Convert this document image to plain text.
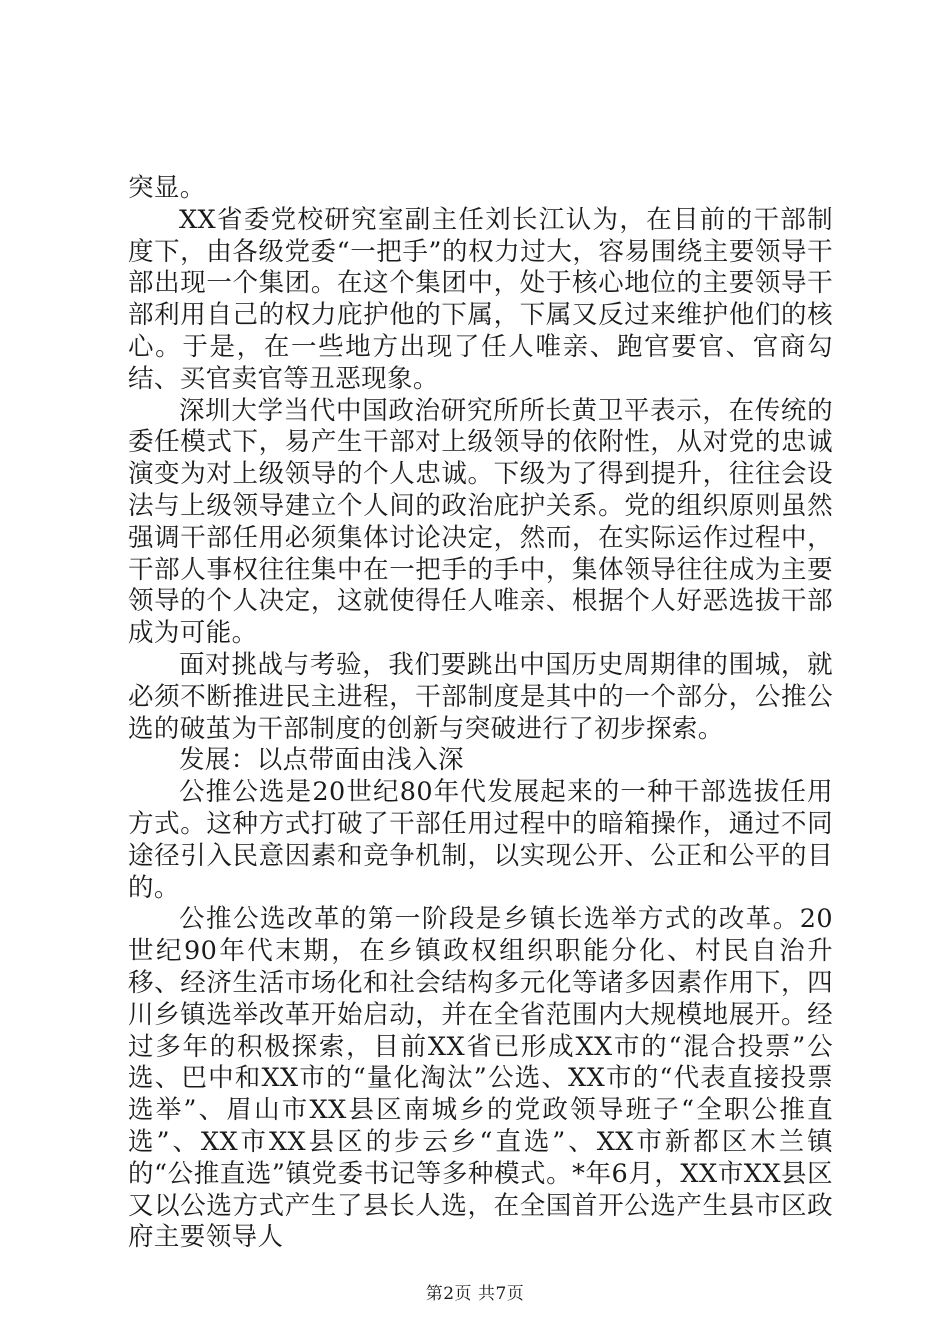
突显。

XX省委党校研究室副主任刘长江认为，在目前的干部制度下，由各级党委“一把手”的权力过大，容易围绕主要领导干部出现一个集团。在这个集团中，处于核心地位的主要领导干部利用自己的权力庇护他的下属，下属又反过来维护他们的核心。于是，在一些地方出现了任人唯亲、跑官要官、官商勾结、买官卖官等丑恶现象。

深圳大学当代中国政治研究所所长黄卫平表示，在传统的委任模式下，易产生干部对上级领导的依附性，从对党的忠诚演变为对上级领导的个人忠诚。下级为了得到提升，往往会设法与上级领导建立个人间的政治庇护关系。党的组织原则虽然强调干部任用必须集体讨论决定，然而，在实际运作过程中，干部人事权往往集中在一把手的手中，集体领导往往成为主要领导的个人决定，这就使得任人唯亲、根据个人好恶选拔干部成为可能。

面对挑战与考验，我们要跳出中国历史周期律的围城，就必须不断推进民主进程，干部制度是其中的一个部分，公推公选的破茧为干部制度的创新与突破进行了初步探索。

发展：以点带面由浅入深

公推公选是20世纪80年代发展起来的一种干部选拔任用方式。这种方式打破了干部任用过程中的暗箱操作，通过不同途径引入民意因素和竞争机制，以实现公开、公正和公平的目的。

公推公选改革的第一阶段是乡镇长选举方式的改革。20世纪90年代末期，在乡镇政权组织职能分化、村民自治升移、经济生活市场化和社会结构多元化等诸多因素作用下，四川乡镇选举改革开始启动，并在全省范围内大规模地展开。经过多年的积极探索，目前XX省已形成XX市的“混合投票”公选、巴中和XX市的“量化淘汰”公选、XX市的“代表直接投票选举”、眉山市XX县区南城乡的党政领导班子“全职公推直选”、XX市XX县区的步云乡“直选”、XX市新都区木兰镇的“公推直选”镇党委书记等多种模式。*年6月，XX市XX县区又以公选方式产生了县长人选，在全国首开公选产生县市区政府主要领导人

第2页 共7页
